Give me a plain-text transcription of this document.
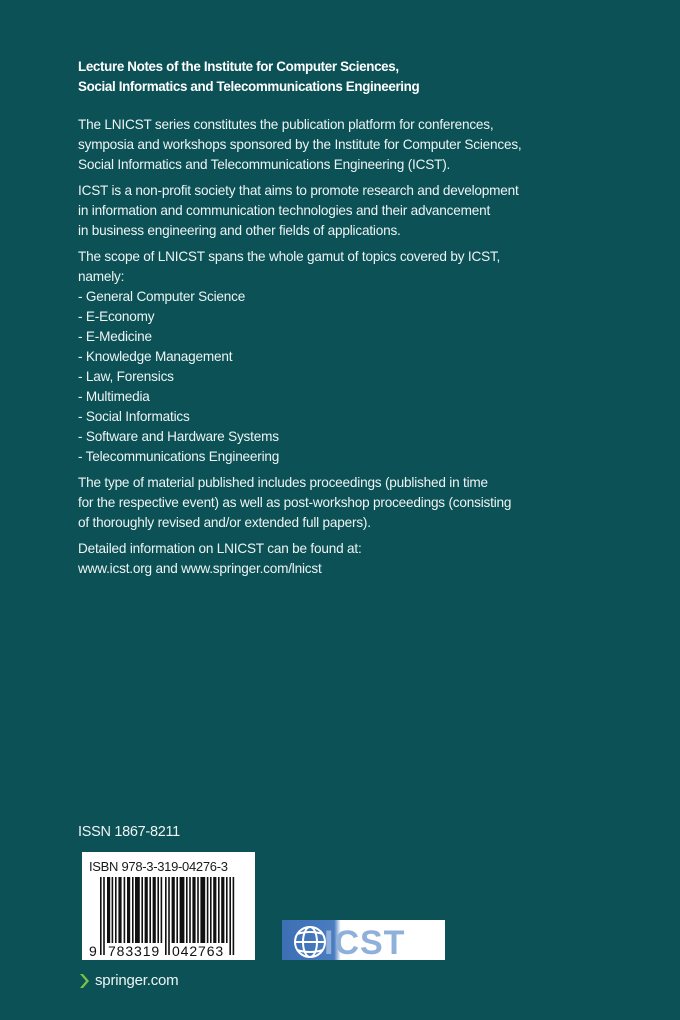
Lecture Notes of the Institute for Computer Sciences,
Social Informatics and Telecommunications Engineering
The LNICST series constitutes the publication platform for conferences,
symposia and workshops sponsored by the Institute for Computer Sciences,
Social Informatics and Telecommunications Engineering (ICST).
ICST is a non-profit society that aims to promote research and development
in information and communication technologies and their advancement
in business engineering and other fields of applications.
The scope of LNICST spans the whole gamut of topics covered by ICST,
namely:
- General Computer Science
- E-Economy
- E-Medicine
- Knowledge Management
- Law, Forensics
- Multimedia
- Social Informatics
- Software and Hardware Systems
- Telecommunications Engineering
The type of material published includes proceedings (published in time
for the respective event) as well as post-workshop proceedings (consisting
of thoroughly revised and/or extended full papers).
Detailed information on LNICST can be found at:
www.icst.org and www.springer.com/lnicst
ISSN 1867-8211
ISBN 978-3-319-04276-3
9 783319 042763	ICST
springer.com
